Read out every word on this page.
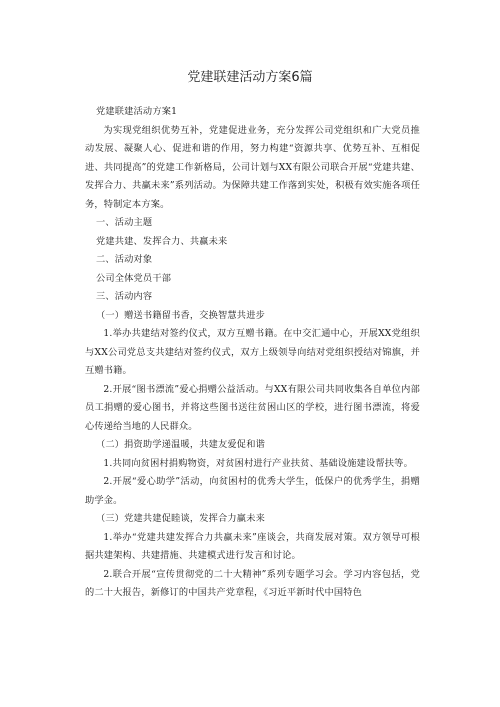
党建联建活动方案6篇

党建联建活动方案1

为实现党组织优势互补，党建促进业务，充分发挥公司党组织和广大党员推动发展、凝聚人心、促进和谐的作用，努力构建“资源共享、优势互补、互相促进、共同提高”的党建工作新格局，公司计划与XX有限公司联合开展“党建共建、发挥合力、共赢未来”系列活动。为保障共建工作落到实处，积极有效实施各项任务，特制定本方案。

一、活动主题

党建共建、发挥合力、共赢未来

二、活动对象

公司全体党员干部

三、活动内容

（一）赠送书籍留书香，交换智慧共进步

1.举办共建结对签约仪式，双方互赠书籍。在中交汇通中心，开展XX党组织与XX公司党总支共建结对签约仪式，双方上级领导向结对党组织授结对锦旗，并互赠书籍。

2.开展“图书漂流”爱心捐赠公益活动。与XX有限公司共同收集各自单位内部员工捐赠的爱心图书，并将这些图书送往贫困山区的学校，进行图书漂流，将爱心传递给当地的人民群众。

（二）捐资助学递温暖，共建友爱促和谐

1.共同向贫困村捐购物资，对贫困村进行产业扶贫、基础设施建设帮扶等。

2.开展“爱心助学”活动，向贫困村的优秀大学生，低保户的优秀学生，捐赠助学金。

（三）党建共建促睦谈，发挥合力赢未来

1.举办“党建共建发挥合力共赢未来”座谈会，共商发展对策。双方领导可根据共建架构、共建措施、共建模式进行发言和讨论。

2.联合开展“宣传贯彻党的二十大精神”系列专题学习会。学习内容包括，党的二十大报告，新修订的中国共产党章程，《习近平新时代中国特色
